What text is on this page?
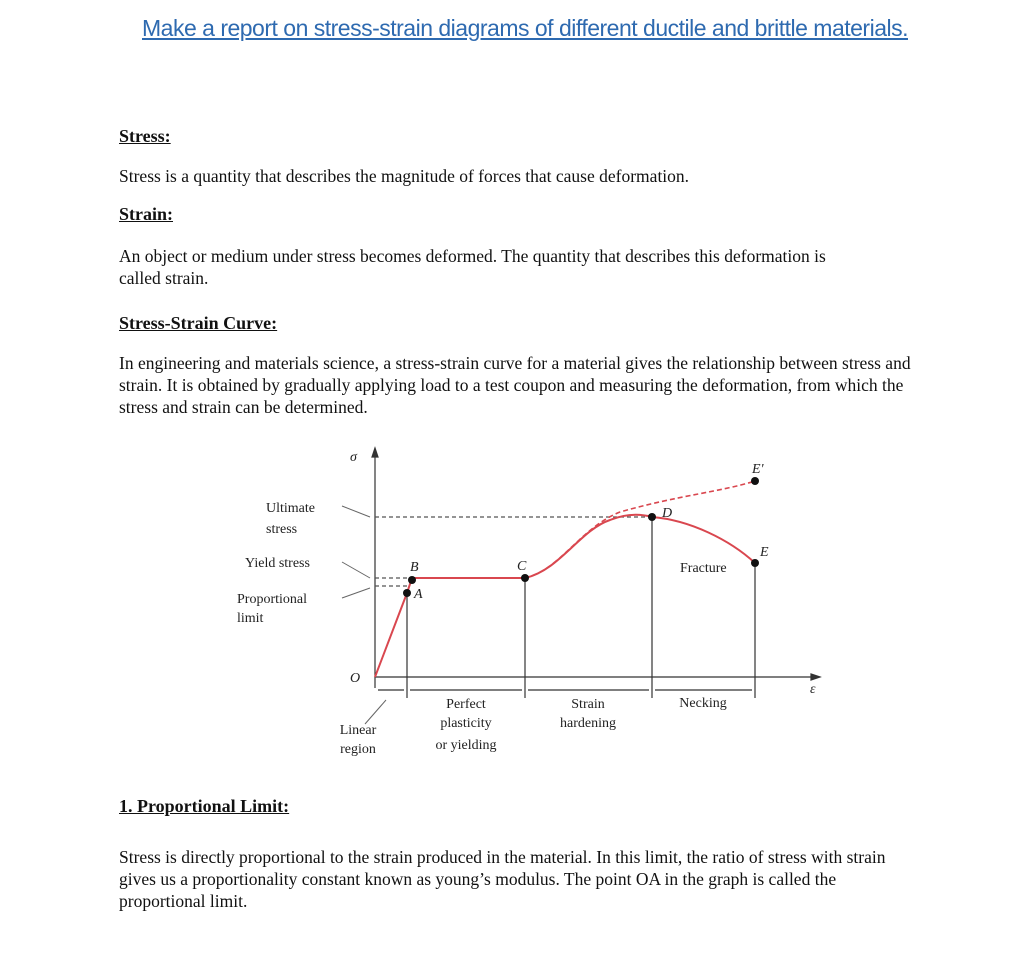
Make a report on stress-strain diagrams of different ductile and brittle materials.
Stress:
Stress is a quantity that describes the magnitude of forces that cause deformation.
Strain:
An object or medium under stress becomes deformed. The quantity that describes this deformation is called strain.
Stress-Strain Curve:
In engineering and materials science, a stress-strain curve for a material gives the relationship between stress and strain. It is obtained by gradually applying load to a test coupon and measuring the deformation, from which the stress and strain can be determined.
1. Proportional Limit:
Stress is directly proportional to the strain produced in the material. In this limit, the ratio of stress with strain gives us a proportionality constant known as young’s modulus. The point OA in the graph is called the proportional limit.
σ
ε
O
A
B	C
D
E
E'
Ultimate
stress
Yield stress
Proportional
limit
Fracture
Linear
region
Perfect
plasticity
or yielding
Strain
hardening
Necking
